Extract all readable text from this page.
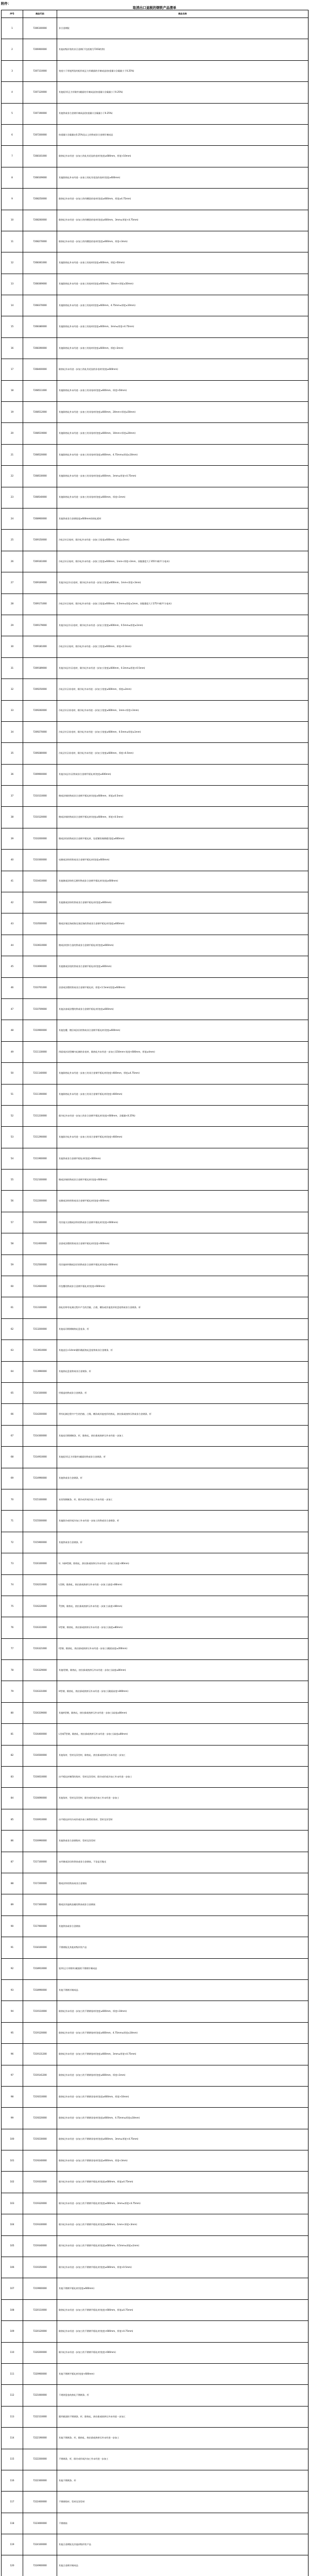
附件：
取消出口退税的钢铁产品清单
序号	商品代码	商品名称
1	7206100000	非合金钢锭
2	7206900000	其他初级形状的非合金钢(不包括税号7203的铁)
3	7207110000	宽度小于厚度两倍的矩形或正方形截面的半制成品(按重量计含碳量小于0.25%)
4	7207120000	其他矩形(正方形除外)截面的半制成品(按重量计含碳量小于0.25%)
5	7207190000	其他铁或非合金钢半制成品(按重量计含碳量小于0.25%)
6	7207200000	按重量计含碳量在0.25%及以上的铁或非合金钢半制成品
7	7208101000	除热轧外未经进一步加工的轧有花纹的卷材(宽度≥600mm，厚度>10mm)
8	7208109000	其他除热轧外未经进一步加工的轧有花纹的卷材(宽度≥600mm)
9	7208250000	除热轧外未经进一步加工的经酸洗的卷材(宽度≥600mm，厚度≥4.75mm)
10	7208260000	除热轧外未经进一步加工的经酸洗的卷材(宽度≥600mm，3mm≤厚度<4.75mm)
11	7208270000	除热轧外未经进一步加工的经酸洗的卷材(宽度≥600mm，厚度<3mm)
12	7208361000	其他除热轧外未经进一步加工的卷材(宽度≥600mm，厚度>50mm)
13	7208369000	其他除热轧外未经进一步加工的卷材(宽度≥600mm，10mm<厚度≤50mm)
14	7208370000	其他除热轧外未经进一步加工的卷材(宽度≥600mm，4.75mm≤厚度≤10mm)
15	7208380000	其他除热轧外未经进一步加工的卷材(宽度≥600mm，3mm≤厚度<4.75mm)
16	7208390000	其他除热轧外未经进一步加工的卷材(宽度≥600mm，厚度<3mm)
17	7208400000	除热轧外未经进一步加工的轧有花纹的非卷材(宽度≥600mm)
18	7208511000	其他除热轧外未经进一步加工的非卷材(宽度≥600mm，厚度>50mm)
19	7208512000	其他除热轧外未经进一步加工的非卷材(宽度≥600mm，20mm<厚度≤50mm)
20	7208519000	其他除热轧外未经进一步加工的非卷材(宽度≥600mm，10mm<厚度≤20mm)
21	7208520000	其他除热轧外未经进一步加工的非卷材(宽度≥600mm，4.75mm≤厚度≤10mm)
22	7208530000	其他除热轧外未经进一步加工的非卷材(宽度≥600mm，3mm≤厚度<4.75mm)
23	7208540000	其他除热轧外未经进一步加工的非卷材(宽度≥600mm，厚度<3mm)
24	7208900000	其他铁或非合金钢宽度≥600mm的热轧板材
25	7209150000	冷轧(冷压)卷材，除冷轧外未经进一步加工(宽度≥600mm，厚度≥3mm)
26	7209161000	冷轧(冷压)卷材，除冷轧外未经进一步加工(宽度≥600mm，1mm<厚度<3mm，屈服强度大于355牛顿/平方毫米)
27	7209169000	其他冷轧(冷压)卷材，除冷轧外未经进一步加工(宽度≥600mm，1mm<厚度<3mm)
28	7209171000	冷轧(冷压)卷材，除冷轧外未经进一步加工(宽度≥600mm，0.5mm≤厚度≤1mm，屈服强度大于275牛顿/平方毫米)
29	7209179000	其他冷轧(冷压)卷材，除冷轧外未经进一步加工(宽度≥600mm，0.5mm≤厚度≤1mm)
30	7209181000	冷轧(冷压)卷材，除冷轧外未经进一步加工(宽度≥600mm，厚度<0.3mm)
31	7209189000	其他冷轧(冷压)卷材，除冷轧外未经进一步加工(宽度≥600mm，0.3mm≤厚度<0.5mm)
32	7209250000	冷轧(冷压)非卷材，除冷轧外未经进一步加工(宽度≥600mm，厚度≥3mm)
33	7209260000	冷轧(冷压)非卷材，除冷轧外未经进一步加工(宽度≥600mm，1mm<厚度<3mm)
34	7209270000	冷轧(冷压)非卷材，除冷轧外未经进一步加工(宽度≥600mm，0.5mm≤厚度≤1mm)
35	7209280000	冷轧(冷压)非卷材，除冷轧外未经进一步加工(宽度≥600mm，厚度<0.5mm)
36	7209900000	其他冷轧(冷压)铁或非合金钢平板轧材(宽度≥600mm)
37	7210110000	镀或涂锡的铁或非合金钢平板轧材(宽度≥600mm，厚度≥0.5mm)
38	7210120000	镀或涂锡的铁或非合金钢平板轧材(宽度≥600mm，厚度<0.5mm)
39	7210200000	镀或涂铅的铁或非合金钢平板轧材，包括镀铅锡钢板(宽度≥600mm)
40	7210300000	电镀或涂锌的铁或非合金钢平板轧材(宽度≥600mm)
41	7210410000	其他镀或涂锌的瓦楞形铁或非合金钢平板轧材(宽度≥600mm)
42	7210490000	其他镀或涂锌的铁或非合金钢平板轧材(宽度≥600mm)
43	7210500000	镀或涂氧化铬或铬及氧化铬的铁或非合金钢平板轧材(宽度≥600mm)
44	7210610000	镀或涂铝锌合金的铁或非合金钢平板轧材(宽度≥600mm)
45	7210690000	其他镀或涂铝的铁或非合金钢平板轧材(宽度≥600mm)
46	7210701000	涂漆或涂塑的铁或非合金钢平板轧材，厚度<1.5mm(宽度≥600mm)
47	7210709000	其他涂漆或涂塑的铁或非合金钢平板轧材(宽度≥600mm)
48	7210900000	其他包覆、镀层或涂层的铁或非合金钢平板轧材(宽度≥600mm)
49	7211130000	四面或封闭型槽内轧制的非卷材，除热轧外未经进一步加工(150mm<宽度<600mm，厚度≥4mm)
50	7211140000	其他除热轧外未经进一步加工的非合金钢平板轧材(宽度<600mm，厚度≥4.75mm)
51	7211190000	其他除热轧外未经进一步加工的非合金钢平板轧材(宽度<600mm)
52	7211230000	除冷轧外未经进一步加工的非合金钢平板轧材(宽度<600mm，含碳量<0.25%)
53	7211290000	其他除冷轧外未经进一步加工的非合金钢平板轧材(宽度<600mm)
54	7211900000	其他铁或非合金钢平板轧材(宽度<600mm)
55	7212100000	镀或涂锡的铁或非合金钢平板轧材(宽度<600mm)
56	7212200000	电镀或涂锌的铁或非合金钢平板轧材(宽度<600mm)
57	7212300000	用其他方法镀或涂锌的铁或非合金钢平板轧材(宽度<600mm)
58	7212400000	涂漆或涂塑的铁或非合金钢平板轧材(宽度<600mm)
59	7212500000	用其他材料镀或涂层的铁或非合金钢平板轧材(宽度<600mm)
60	7212600000	经包覆的铁或非合金钢平板轧材(宽度<600mm)
61	7213100000	热轧的带有轧制过程中产生的凹痕、凸缘、槽沟或其他变形的盘卷铁或非合金钢条、杆
62	7213200000	其他易切削钢制热轧盘卷条、杆
63	7213910000	其他直径<14mm圆形截面热轧盘卷铁或非合金钢条、杆
64	7213990000	其他热轧盘卷铁或非合金钢条、杆
65	7214100000	经锻造的铁或非合金钢条、杆
66	7214200000	带有轧制过程中产生的凹痕、凸缘、槽沟或其他变形的热轧、热拉拔或热挤压铁或非合金钢条、杆
67	7214300000	其他易切削钢制条、杆，除热轧、热拉拔或热挤压外未经进一步加工
68	7214910000	其他矩形(正方形除外)截面的铁或非合金钢条、杆
69	7214990000	其他铁或非合金钢条、杆
70	7215100000	易切削钢制条、杆，除冷成形或冷加工外未经进一步加工
71	7215500000	其他除冷成形或冷加工外未经进一步加工的铁或非合金钢条、杆
72	7215900000	其他铁或非合金钢条、杆
73	7216100000	U、I或H型钢，除热轧、热拉拔或热挤压外未经进一步加工(高度<80mm)
74	7216210000	L型钢，除热轧、热拉拔或热挤压外未经进一步加工(高度<80mm)
75	7216220000	T型钢，除热轧、热拉拔或热挤压外未经进一步加工(高度<80mm)
76	7216310000	U型钢，除热轧、热拉拔或热挤压外未经进一步加工(高度≥80mm)
77	7216321000	I型钢，除热轧、热拉拔或热挤压外未经进一步加工(截面高度≥200mm)
78	7216329000	其他I型钢，除热轧、热拉拔或热挤压外未经进一步加工(高度≥80mm)
79	7216331000	H型钢，除热轧、热拉拔或热挤压外未经进一步加工(截面高度>800mm)
80	7216339000	其他H型钢，除热轧、热拉拔或热挤压外未经进一步加工(高度≥80mm)
81	7216400000	L型或T型钢，除热轧、热拉拔或热挤压外未经进一步加工(高度≥80mm)
82	7216500000	其他角材、型材及异型材，除热轧、热拉拔或热挤压外未经进一步加工
83	7216610000	由平板轧材制得的角材、型材及异型材，除冷成形或冷加工外未经进一步加工
84	7216690000	其他角材、型材及异型材，除冷成形或冷加工外未经进一步加工
85	7216910000	由平板轧材经冷成形或冷加工制得的角材、型材及异型材
86	7216990000	其他铁或非合金钢角材、型材及异型材
87	7217100000	未经镀或涂层的铁丝或非合金钢丝，不论是否抛光
88	7217200000	镀或涂锌的铁丝或非合金钢丝
89	7217300000	镀或涂其他贱金属的铁丝或非合金钢丝
90	7217900000	其他铁丝或非合金钢丝
91	7218100000	不锈钢锭及其他初级形状产品
92	7218910000	矩形(正方形除外)截面的不锈钢半制成品
93	7218990000	其他不锈钢半制成品
94	7219110000	除热轧外未经进一步加工的不锈钢卷材(宽度≥600mm，厚度>10mm)
95	7219120000	除热轧外未经进一步加工的不锈钢卷材(宽度≥600mm，4.75mm≤厚度≤10mm)
96	7219131200	除热轧外未经进一步加工的不锈钢卷材(宽度≥600mm，3mm≤厚度<4.75mm)
97	7219141200	除热轧外未经进一步加工的不锈钢卷材(宽度≥600mm，厚度<3mm)
98	7219210000	除热轧外未经进一步加工的不锈钢非卷材(宽度≥600mm，厚度>10mm)
99	7219220000	除热轧外未经进一步加工的不锈钢非卷材(宽度≥600mm，4.75mm≤厚度≤10mm)
100	7219230000	除热轧外未经进一步加工的不锈钢非卷材(宽度≥600mm，3mm≤厚度<4.75mm)
101	7219240000	除热轧外未经进一步加工的不锈钢非卷材(宽度≥600mm，厚度<3mm)
102	7219310000	除冷轧外未经进一步加工的不锈钢平板轧材(宽度≥600mm，厚度≥4.75mm)
103	7219320000	除冷轧外未经进一步加工的不锈钢平板轧材(宽度≥600mm，3mm≤厚度<4.75mm)
104	7219330000	除冷轧外未经进一步加工的不锈钢平板轧材(宽度≥600mm，1mm<厚度<3mm)
105	7219340000	除冷轧外未经进一步加工的不锈钢平板轧材(宽度≥600mm，0.5mm≤厚度≤1mm)
106	7219350000	除冷轧外未经进一步加工的不锈钢平板轧材(宽度≥600mm，厚度<0.5mm)
107	7219900000	其他不锈钢平板轧材(宽度≥600mm)
108	7220110000	除热轧外未经进一步加工的不锈钢平板轧材(宽度<600mm，厚度≥4.75mm)
109	7220120000	除热轧外未经进一步加工的不锈钢平板轧材(宽度<600mm，厚度<4.75mm)
110	7220200000	除冷轧外未经进一步加工的不锈钢平板轧材(宽度<600mm)
111	7220900000	其他不锈钢平板轧材(宽度<600mm)
112	7221000000	不规则盘卷的热轧不锈钢条、杆
113	7222110000	圆形截面的不锈钢条、杆，除热轧、热拉拔或热挤压外未经进一步加工
114	7222190000	其他不锈钢条、杆，除热轧、热拉拔或热挤压外未经进一步加工
115	7222200000	不锈钢条、杆，除冷成形或冷加工外未经进一步加工
116	7222300000	其他不锈钢条、杆
117	7222400000	不锈钢角材、型材及异型材
118	7223000000	不锈钢丝
119	7224100000	其他合金钢锭及其他初级形状产品
120	7224900000	其他合金钢半制成品
